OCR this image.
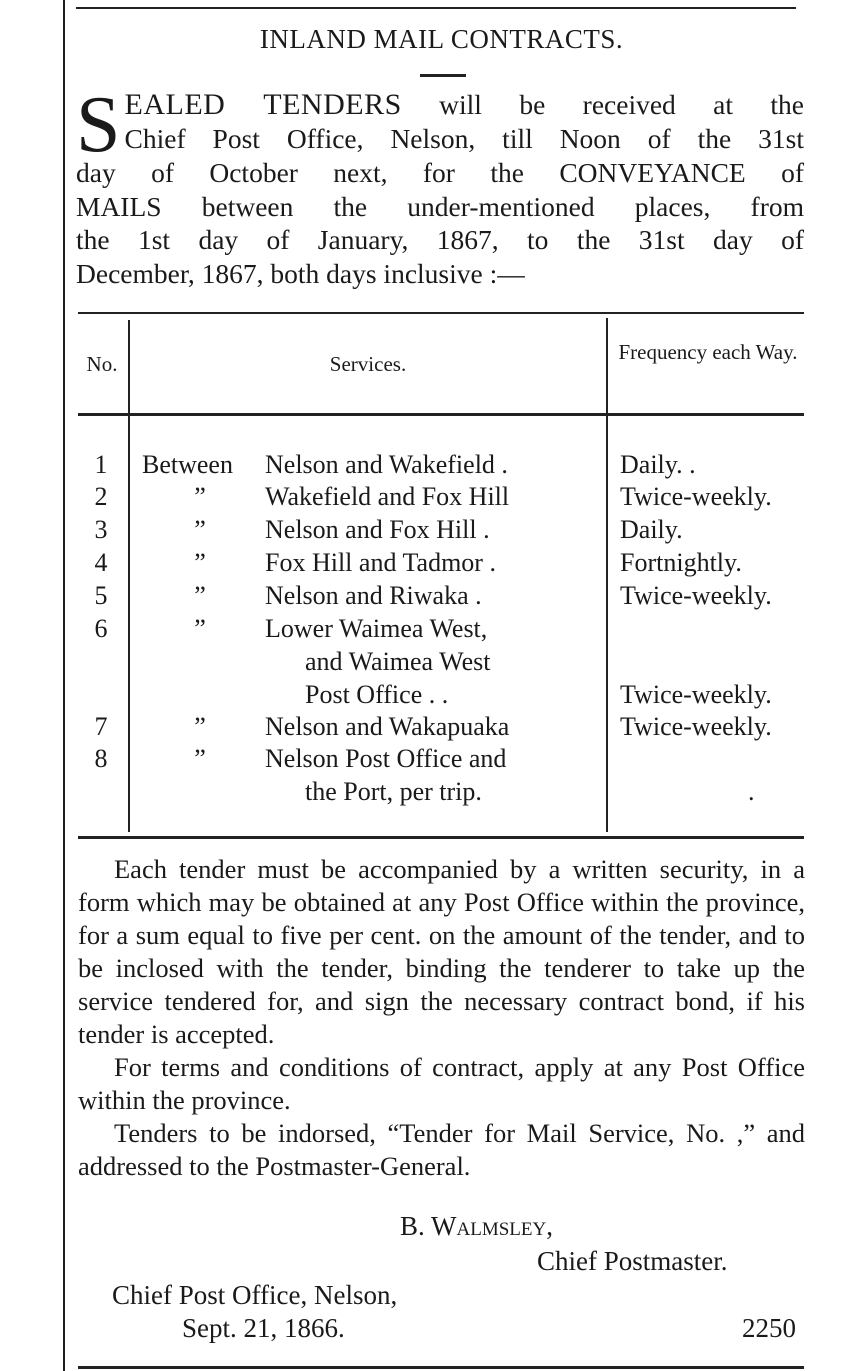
INLAND MAIL CONTRACTS.
S EALED TENDERS will be received at the

Chief Post Office, Nelson, till Noon of the 31st

day of October next, for the CONVEYANCE of

MAILS between the under-mentioned places, from

the 1st day of January, 1867, to the 31st day of

December, 1867, both days inclusive :—

No.	Services.	Frequency each Way.
1	Between	Nelson and Wakefield .	Daily. .
2	”	Wakefield and Fox Hill	Twice-weekly.
3	”	Nelson and Fox Hill .	Daily.
4	”	Fox Hill and Tadmor .	Fortnightly.
5	”	Nelson and Riwaka .	Twice-weekly.
6	”	Lower Waimea West,
and Waimea West
Post Office . .	Twice-weekly.
7	”	Nelson and Wakapuaka	Twice-weekly.
8	”	Nelson Post Office and
the Port, per trip.	.

Each tender must be accompanied by a written security, in a form which may be obtained at any Post Office within the province, for a sum equal to five per cent. on the amount of the tender, and to be inclosed with the tender, binding the tenderer to take up the service tendered for, and sign the necessary contract bond, if his tender is accepted.

For terms and conditions of contract, apply at any Post Office within the province.

Tenders to be indorsed, “Tender for Mail Service, No. ,” and addressed to the Postmaster-General.

B. Walmsley,
Chief Postmaster.
Chief Post Office, Nelson,
Sept. 21, 1866.	2250
